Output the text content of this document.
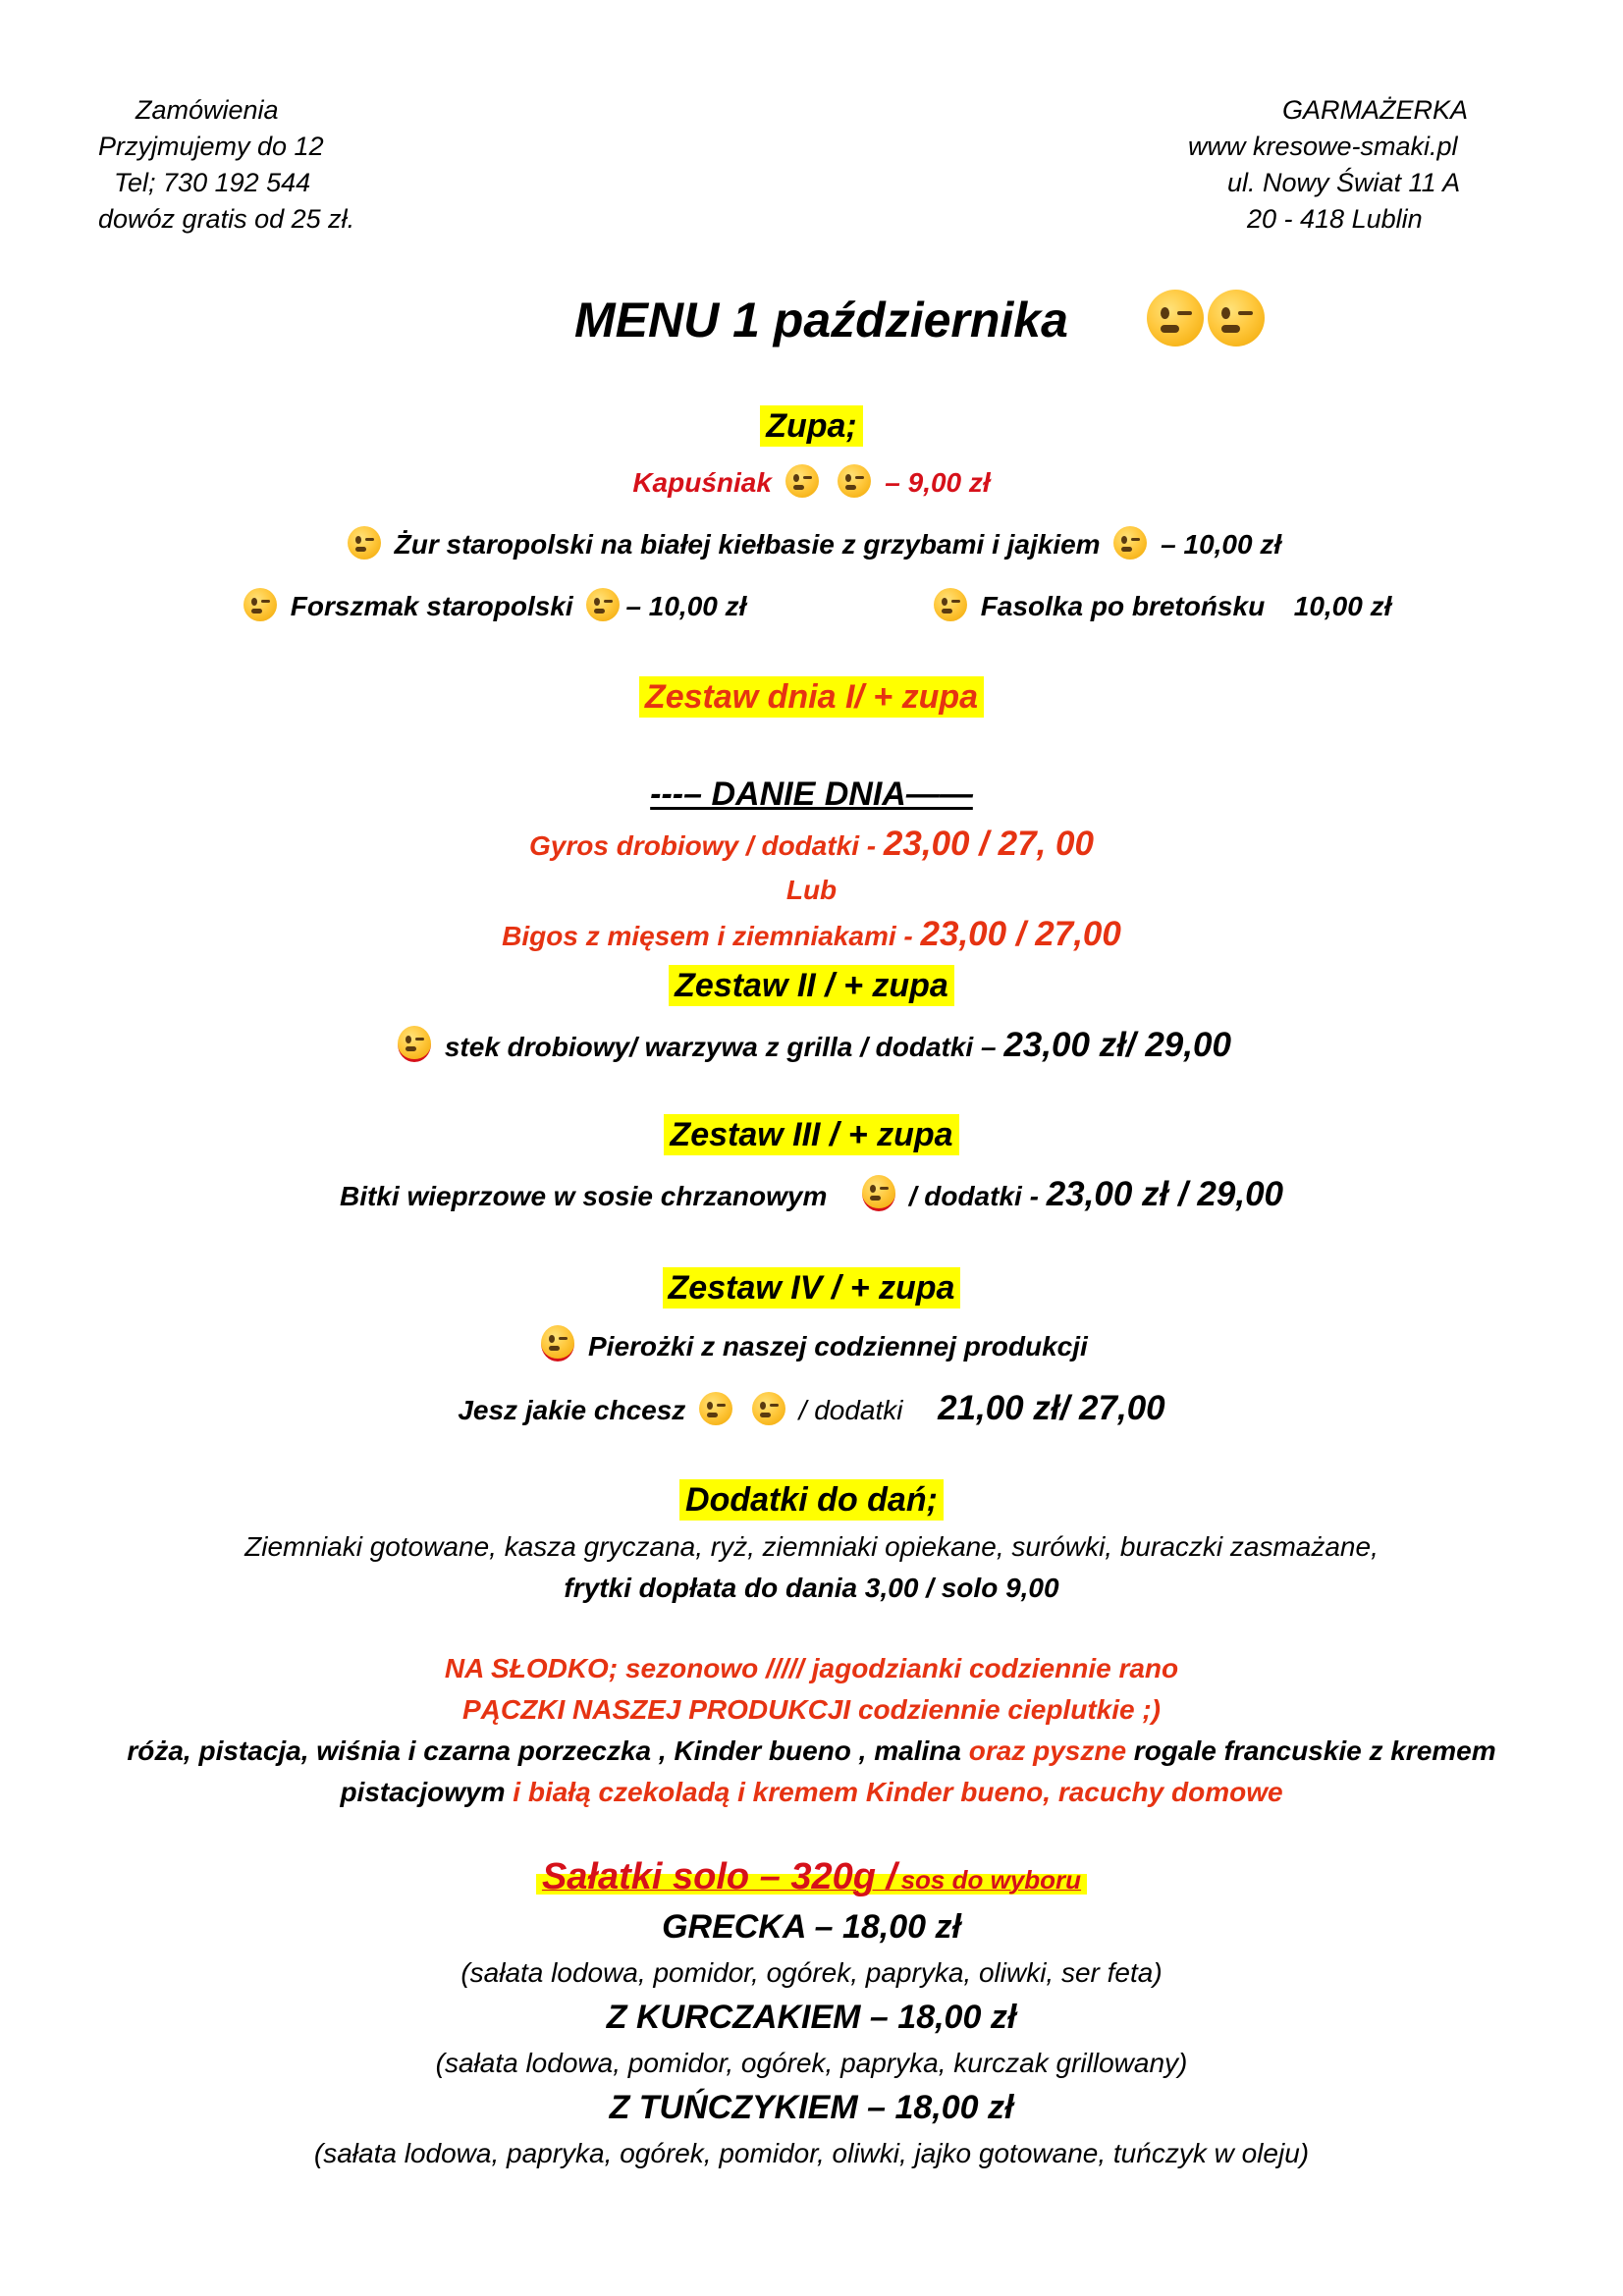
Zamówienia
Przyjmujemy do 12
Tel; 730 192 544
dowóz gratis od 25 zł.
GARMAŻERKA
www kresowe-smaki.pl
ul. Nowy Świat 11 A
20 - 418 Lublin
MENU 1 października
Zupa;
Kapuśniak	– 9,00 zł
Żur staropolski na białej kiełbasie z grzybami i jajkiem – 10,00 zł
Forszmak staropolski – 10,00 zł	Fasolka po bretońsku 10,00 zł
Zestaw dnia I/ + zupa
---– DANIE DNIA——
Gyros drobiowy / dodatki - 23,00 / 27, 00
Lub
Bigos z mięsem i ziemniakami - 23,00 / 27,00
Zestaw II / + zupa
stek drobiowy/ warzywa z grilla / dodatki – 23,00 zł/ 29,00
Zestaw III / + zupa
Bitki wieprzowe w sosie chrzanowym	/ dodatki - 23,00 zł / 29,00
Zestaw IV / + zupa
Pierożki z naszej codziennej produkcji
Jesz jakie chcesz	/ dodatki 21,00 zł/ 27,00
Dodatki do dań;
Ziemniaki gotowane, kasza gryczana, ryż, ziemniaki opiekane, surówki, buraczki zasmażane,
frytki dopłata do dania 3,00 / solo 9,00
NA SŁODKO; sezonowo ///// jagodzianki codziennie rano
PĄCZKI NASZEJ PRODUKCJI codziennie cieplutkie ;)
róża, pistacja, wiśnia i czarna porzeczka , Kinder bueno , malina oraz pyszne rogale francuskie z kremem
pistacjowym i białą czekoladą i kremem Kinder bueno, racuchy domowe
Sałatki solo – 320g / sos do wyboru
GRECKA – 18,00 zł
(sałata lodowa, pomidor, ogórek, papryka, oliwki, ser feta)
Z KURCZAKIEM – 18,00 zł
(sałata lodowa, pomidor, ogórek, papryka, kurczak grillowany)
Z TUŃCZYKIEM – 18,00 zł
(sałata lodowa, papryka, ogórek, pomidor, oliwki, jajko gotowane, tuńczyk w oleju)
